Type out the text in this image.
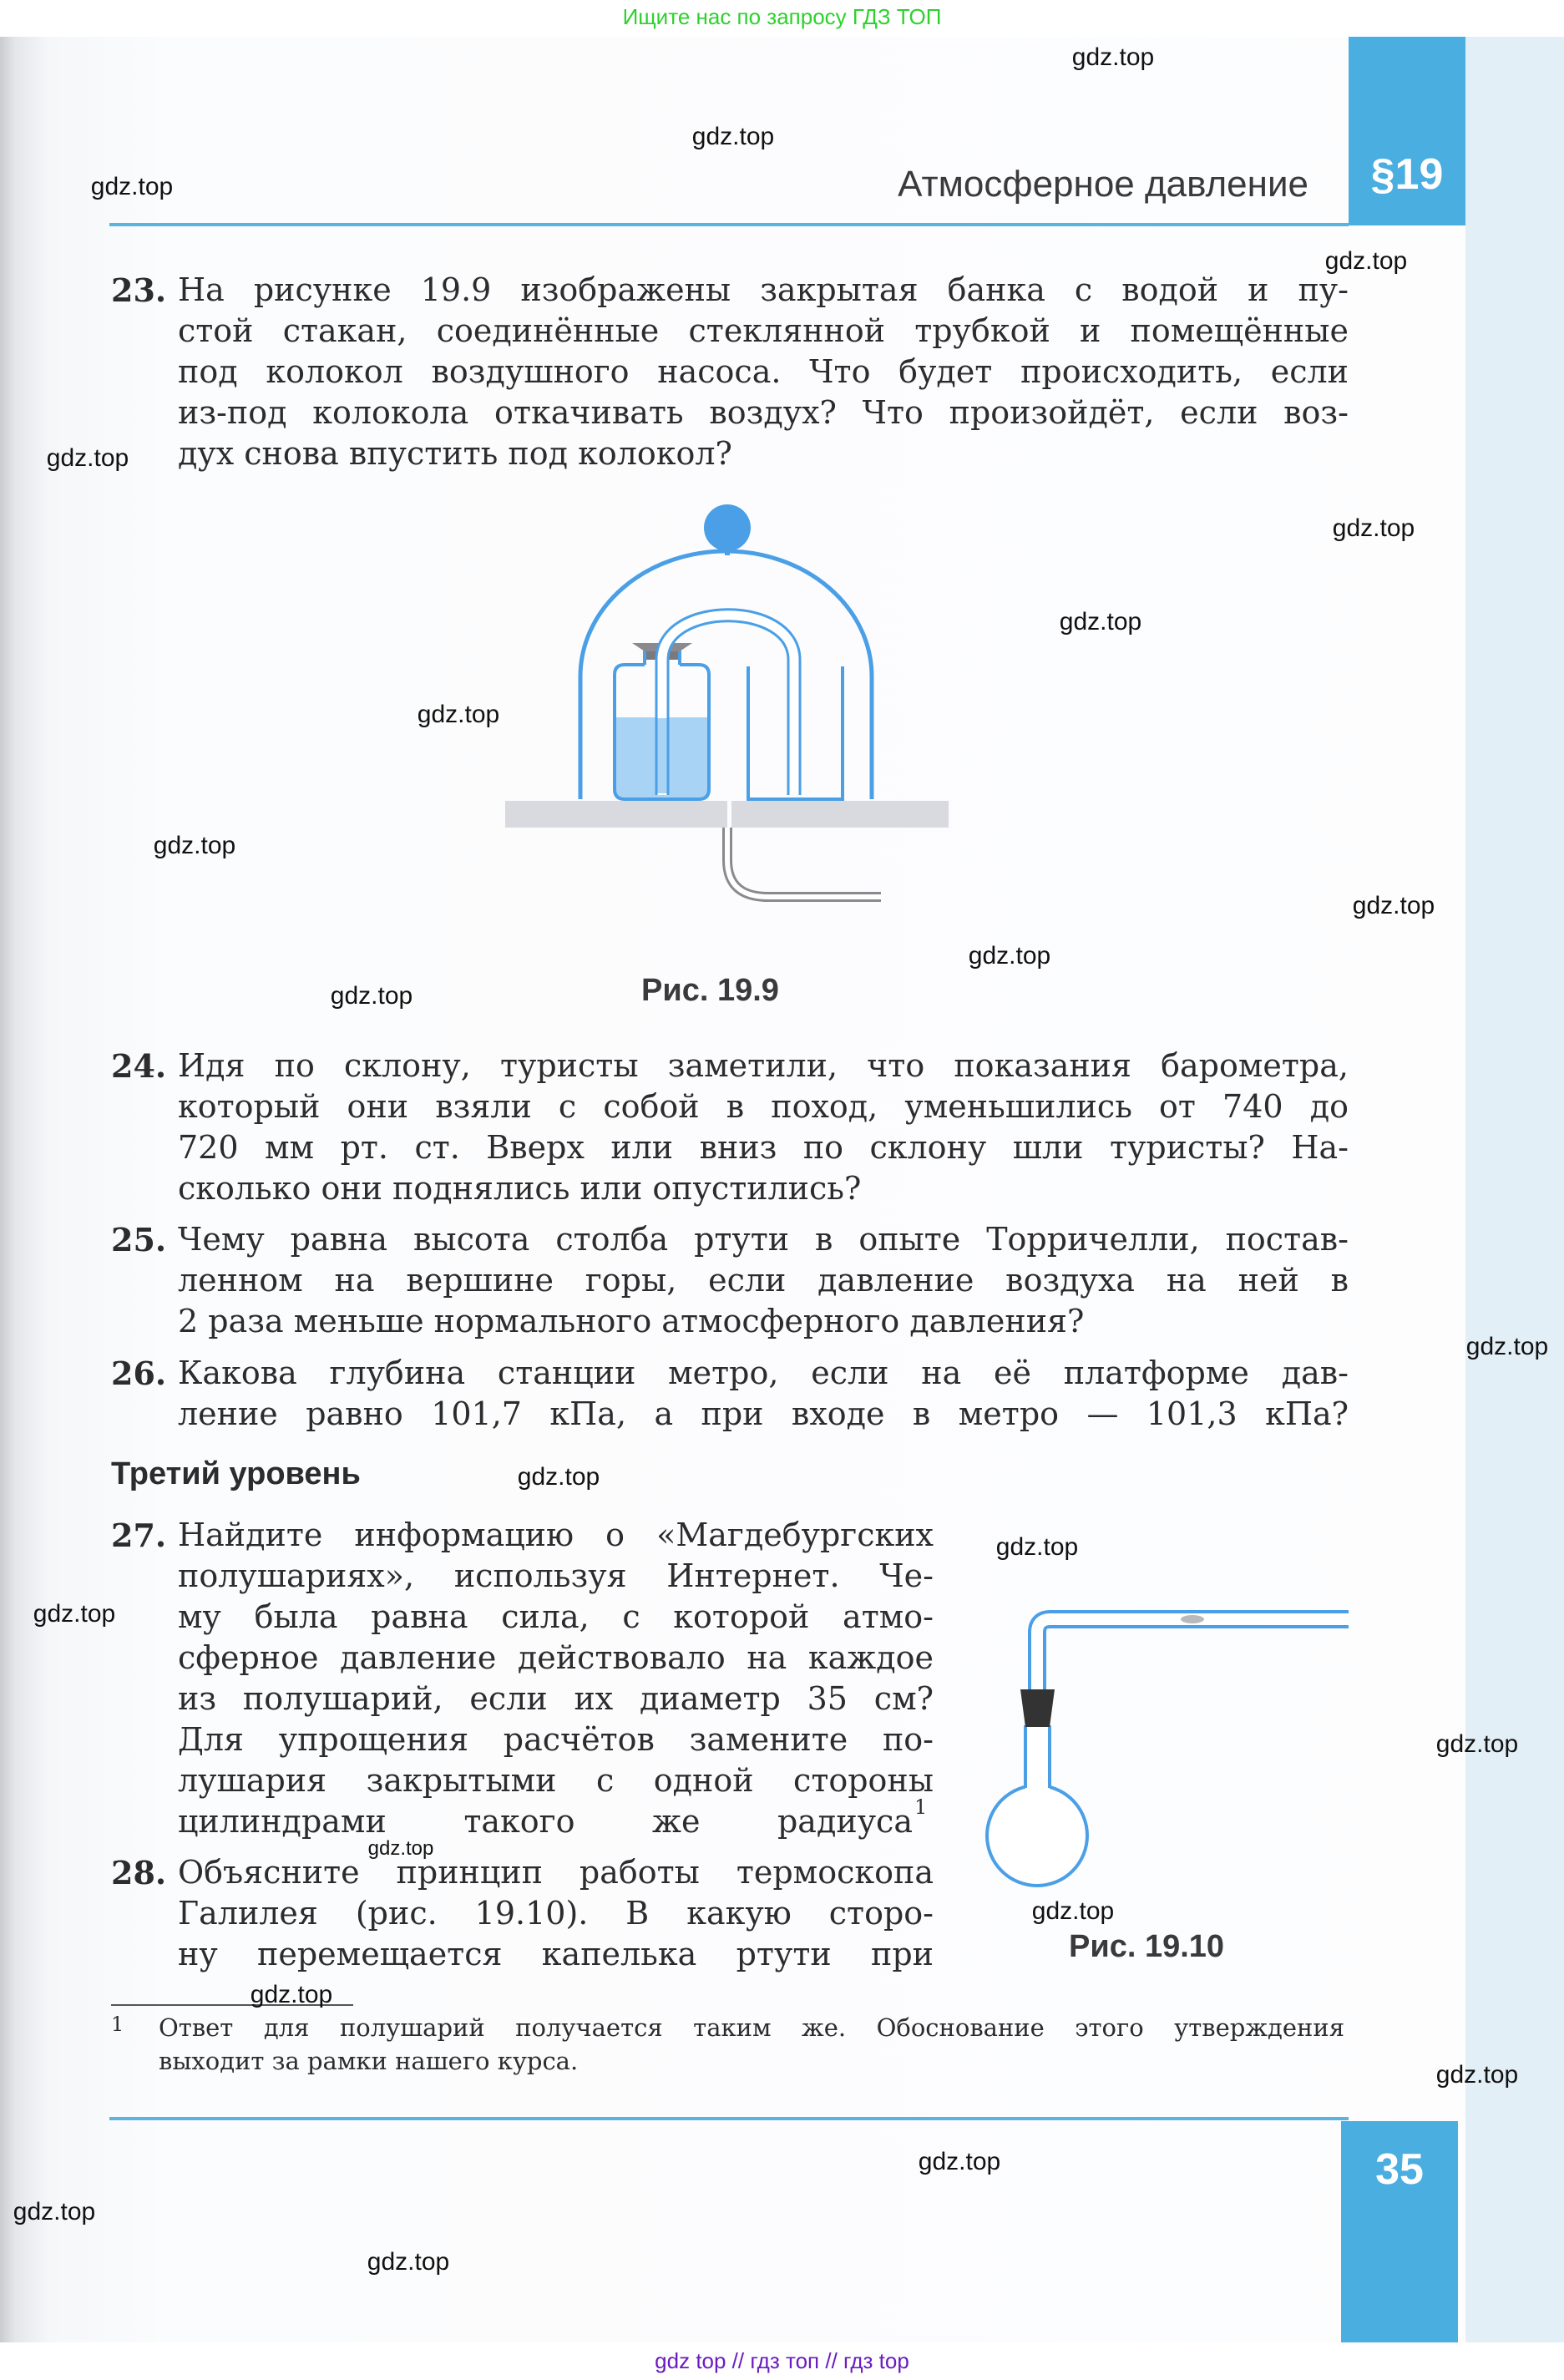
Ищите нас по запросу ГДЗ ТОП
§19
Атмосферное давление
23. На рисунке 19.9 изображены закрытая банка с водой и пу-
стой стакан, соединённые стеклянной трубкой и помещённые
под колокол воздушного насоса. Что будет происходить, если
из-под колокола откачивать воздух? Что произойдёт, если воз-
дух снова впустить под колокол?
Рис. 19.9
24. Идя по склону, туристы заметили, что показания барометра,
который они взяли с собой в поход, уменьшились от 740 до
720 мм рт. ст. Вверх или вниз по склону шли туристы? На-
сколько они поднялись или опустились?
25. Чему равна высота столба ртути в опыте Торричелли, постав-
ленном на вершине горы, если давление воздуха на ней в
2 раза меньше нормального атмосферного давления?
26. Какова глубина станции метро, если на её платформе дав-
ление равно 101,7 кПа, а при входе в метро — 101,3 кПа?
Третий уровень
27. Найдите информацию о «Магдебургских
полушариях», используя Интернет. Че-
му была равна сила, с которой атмо-
сферное давление действовало на каждое
из полушарий, если их диаметр 35 см?
Для упрощения расчётов замените по-
лушария закрытыми с одной стороны
цилиндрами такого же радиуса 1
28. Объясните принцип работы термоскопа
Галилея (рис. 19.10). В какую сторо-
ну перемещается капелька ртути при	Рис. 19.10
1 Ответ для полушарий получается таким же. Обоснование этого утверждения
выходит за рамки нашего курса.
35
gdz top // гдз топ // гдз top
gdz.top
gdz.top
gdz.top
gdz.top
gdz.top
gdz.top
gdz.top
gdz.top
gdz.top
gdz.top
gdz.top
gdz.top
gdz.top
gdz.top
gdz.top
gdz.top
gdz.top
gdz.top
gdz.top
gdz.top
gdz.top
gdz.top
gdz.top
gdz.top
